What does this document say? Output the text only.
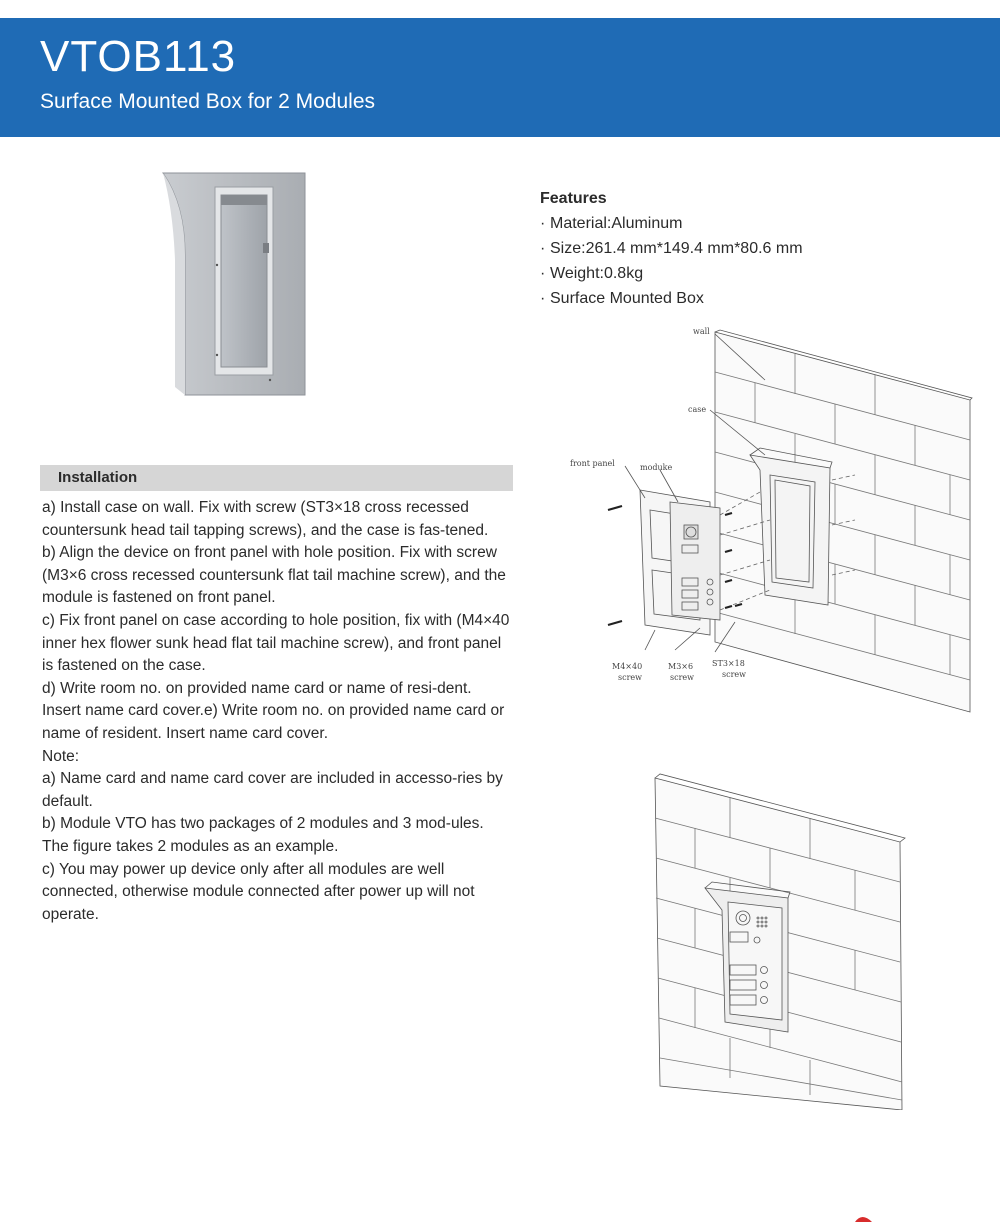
VTOB113
Surface Mounted Box for 2 Modules
Features
· Material:Aluminum
· Size:261.4 mm*149.4 mm*80.6 mm
· Weight:0.8kg
· Surface Mounted Box
Installation

a) Install case on wall. Fix with screw (ST3×18 cross recessed countersunk head tail tapping screws), and the case is fas-tened.

b) Align the device on front panel with hole position. Fix with screw (M3×6 cross recessed countersunk flat tail machine screw), and the module is fastened on front panel.

c) Fix front panel on case according to hole position, fix with (M4×40 inner hex flower sunk head flat tail machine screw), and front panel is fastened on the case.

d) Write room no. on provided name card or name of resi-dent. Insert name card cover.e) Write room no. on provided name card or name of resident. Insert name card cover.

Note:

a) Name card and name card cover are included in accesso-ries by default.

b) Module VTO has two packages of 2 modules and 3 mod-ules. The figure takes 2 modules as an example.

c) You may power up device only after all modules are well connected, otherwise module connected after power up will not operate.

wall
case
front panel	moduke
M4×40
screw
M3×6
screw
ST3×18
screw
